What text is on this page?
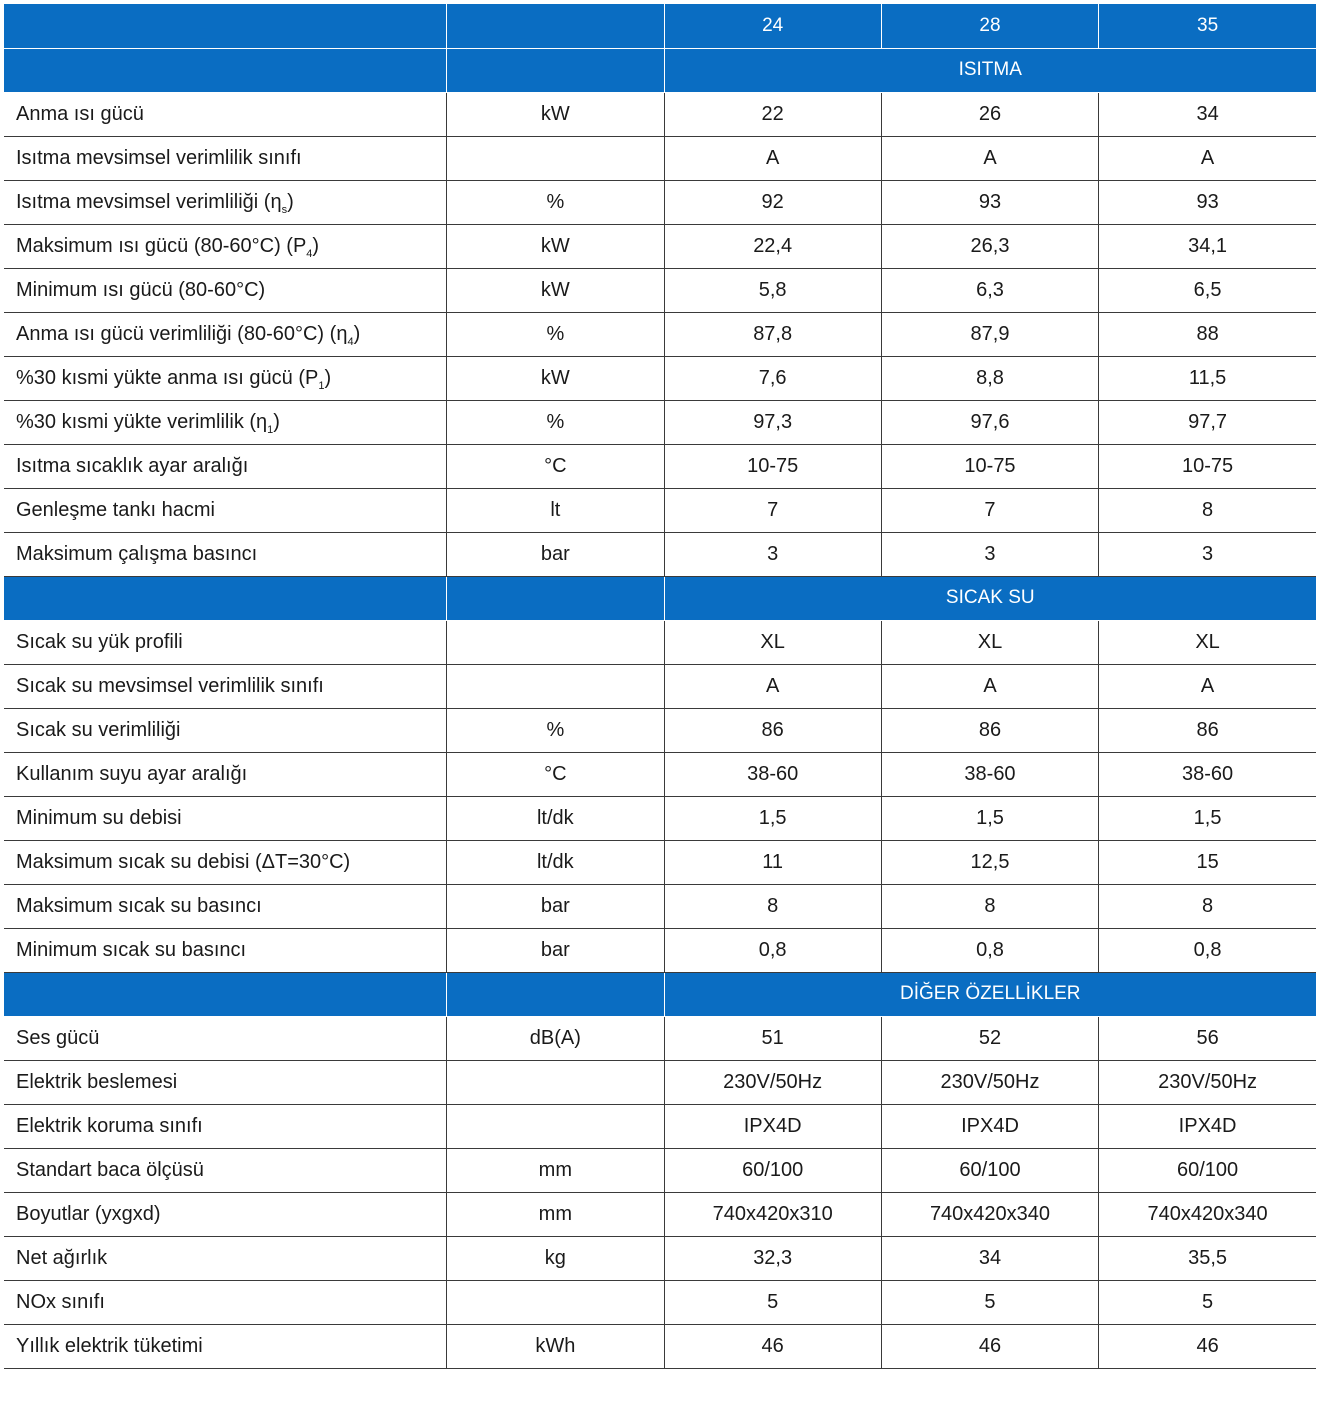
		24	28	35
		ISITMA		
Anma ısı gücü	kW	22	26	34
Isıtma mevsimsel verimlilik sınıfı		A	A	A
Isıtma mevsimsel verimliliği $(\eta_s)$	%	92	93	93
Maksimum ısı gücü (80-60°C) $(P_4)$	kW	22,4	26,3	34,1
Minimum ısı gücü (80-60°C)	kW	5,8	6,3	6,5
Anma ısı gücü verimliliği (80-60°C) $(\eta_4)$	%	87,8	87,9	88
%30 kısmi yükte anma ısı gücü $(P_1)$	kW	7,6	8,8	11,5
%30 kısmi yükte verimlilik $(\eta_1)$	%	97,3	97,6	97,7
Isıtma sıcaklık ayar aralığı	°C	10-75	10-75	10-75
Genleşme tankı hacmi	lt	7	7	8
Maksimum çalışma basıncı	bar	3	3	3
		SICAK SU		
Sıcak su yük profili		XL	XL	XL
Sıcak su mevsimsel verimlilik sınıfı		A	A	A
Sıcak su verimliliği	%	86	86	86
Kullanım suyu ayar aralığı	°C	38-60	38-60	38-60
Minimum su debisi	lt/dk	1,5	1,5	1,5
Maksimum sıcak su debisi (ΔT=30°C)	lt/dk	11	12,5	15
Maksimum sıcak su basıncı	bar	8	8	8
Minimum sıcak su basıncı	bar	0,8	0,8	0,8
		DİĞER ÖZELLİKLER		
Ses gücü	dB(A)	51	52	56
Elektrik beslemesi		230V/50Hz	230V/50Hz	230V/50Hz
Elektrik koruma sınıfı		IPX4D	IPX4D	IPX4D
Standart baca ölçüsü	mm	60/100	60/100	60/100
Boyutlar (yxgxd)	mm	740x420x310	740x420x340	740x420x340
Net ağırlık	kg	32,3	34	35,5
NOx sınıfı		5	5	5
Yıllık elektrik tüketimi	kWh	46	46	46
